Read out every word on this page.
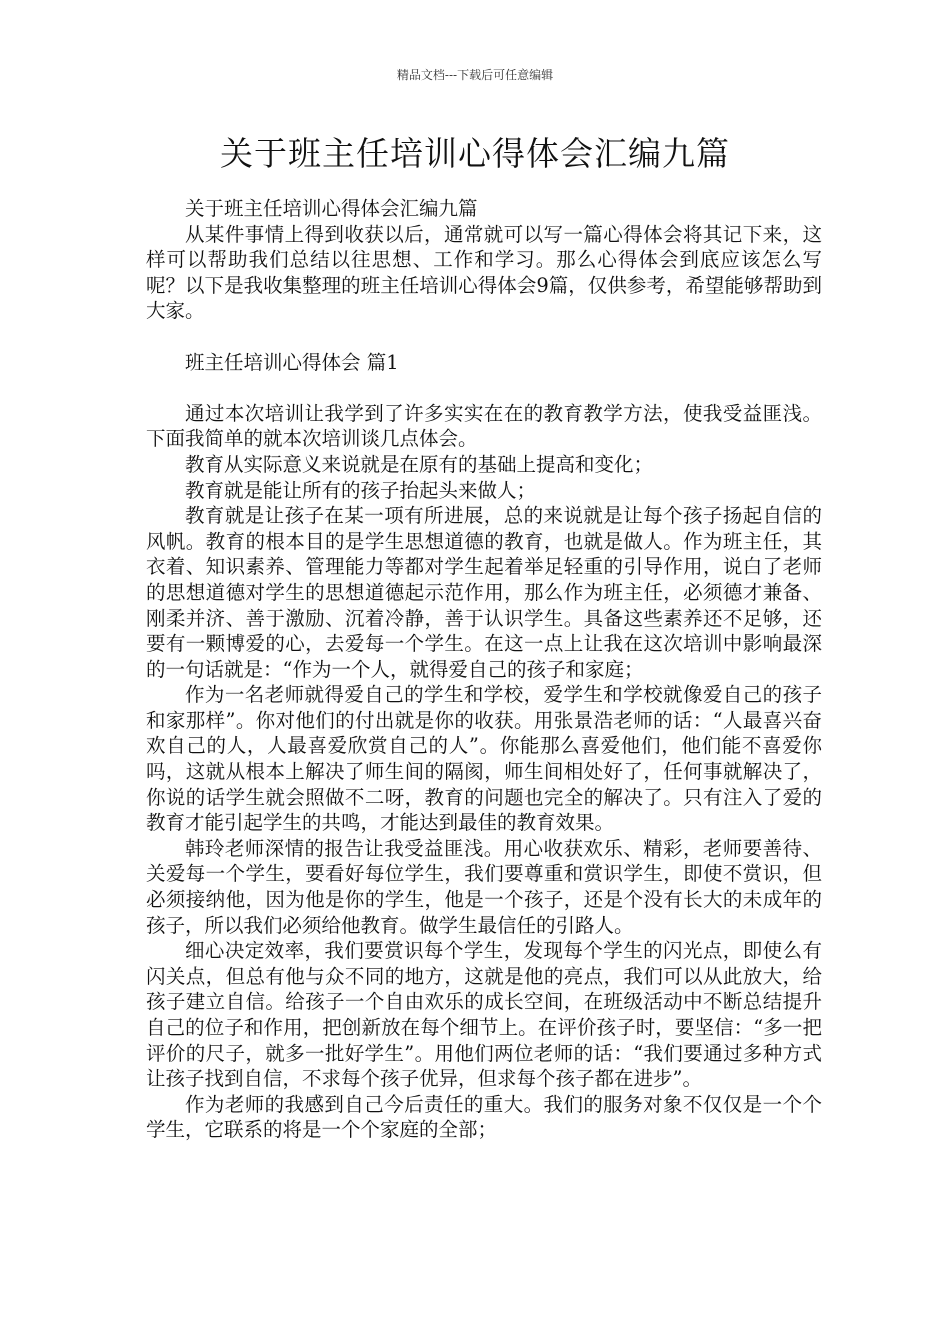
精品文档---下载后可任意编辑
关于班主任培训心得体会汇编九篇

关于班主任培训心得体会汇编九篇

从某件事情上得到收获以后，通常就可以写一篇心得体会将其记下来，这样可以帮助我们总结以往思想、工作和学习。那么心得体会到底应该怎么写呢？以下是我收集整理的班主任培训心得体会9篇，仅供参考，希望能够帮助到大家。

班主任培训心得体会 篇1

通过本次培训让我学到了许多实实在在的教育教学方法，使我受益匪浅。下面我简单的就本次培训谈几点体会。

教育从实际意义来说就是在原有的基础上提高和变化；

教育就是能让所有的孩子抬起头来做人；

教育就是让孩子在某一项有所进展，总的来说就是让每个孩子扬起自信的风帆。教育的根本目的是学生思想道德的教育，也就是做人。作为班主任，其衣着、知识素养、管理能力等都对学生起着举足轻重的引导作用，说白了老师的思想道德对学生的思想道德起示范作用，那么作为班主任，必须德才兼备、刚柔并济、善于激励、沉着冷静，善于认识学生。具备这些素养还不足够，还要有一颗博爱的心，去爱每一个学生。在这一点上让我在这次培训中影响最深的一句话就是：“作为一个人，就得爱自己的孩子和家庭；

作为一名老师就得爱自己的学生和学校，爱学生和学校就像爱自己的孩子和家那样”。你对他们的付出就是你的收获。用张景浩老师的话：“人最喜兴奋欢自己的人，人最喜爱欣赏自己的人”。你能那么喜爱他们，他们能不喜爱你吗，这就从根本上解决了师生间的隔阂，师生间相处好了，任何事就解决了，你说的话学生就会照做不二呀，教育的问题也完全的解决了。只有注入了爱的教育才能引起学生的共鸣，才能达到最佳的教育效果。

韩玲老师深情的报告让我受益匪浅。用心收获欢乐、精彩，老师要善待、关爱每一个学生，要看好每位学生，我们要尊重和赏识学生，即使不赏识，但必须接纳他，因为他是你的学生，他是一个孩子，还是个没有长大的未成年的孩子，所以我们必须给他教育。做学生最信任的引路人。

细心决定效率，我们要赏识每个学生，发现每个学生的闪光点，即使么有闪关点，但总有他与众不同的地方，这就是他的亮点，我们可以从此放大，给孩子建立自信。给孩子一个自由欢乐的成长空间，在班级活动中不断总结提升自己的位子和作用，把创新放在每个细节上。在评价孩子时，要坚信：“多一把评价的尺子，就多一批好学生”。用他们两位老师的话：“我们要通过多种方式让孩子找到自信，不求每个孩子优异，但求每个孩子都在进步”。

作为老师的我感到自己今后责任的重大。我们的服务对象不仅仅是一个个学生，它联系的将是一个个家庭的全部；
